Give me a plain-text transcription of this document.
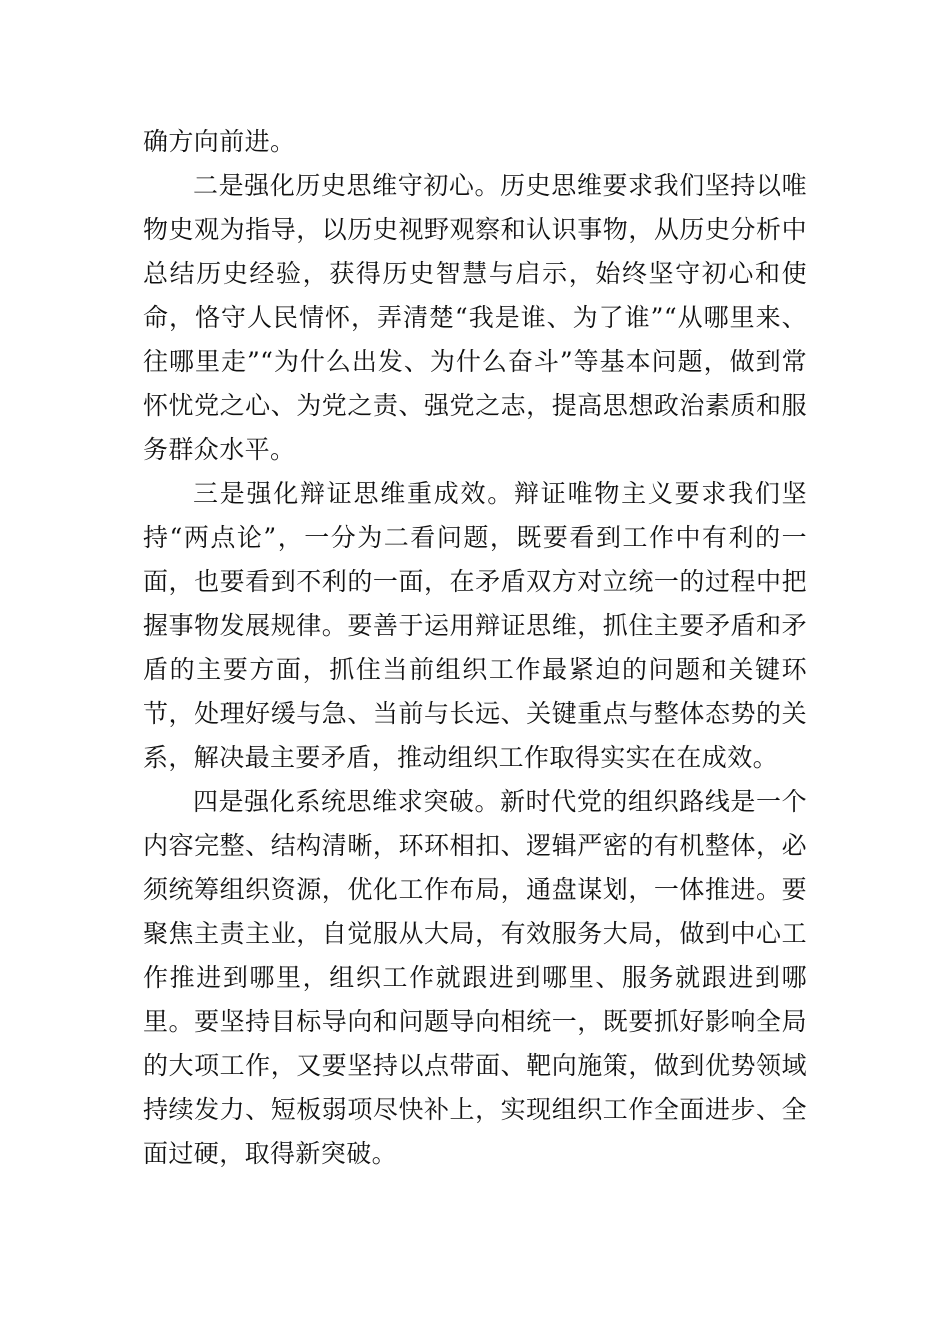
确方向前进。

二是强化历史思维守初心。历史思维要求我们坚持以唯物史观为指导，以历史视野观察和认识事物，从历史分析中总结历史经验，获得历史智慧与启示，始终坚守初心和使命，恪守人民情怀，弄清楚“我是谁、为了谁”“从哪里来、往哪里走”“为什么出发、为什么奋斗”等基本问题，做到常怀忧党之心、为党之责、强党之志，提高思想政治素质和服务群众水平。

三是强化辩证思维重成效。辩证唯物主义要求我们坚持“两点论”，一分为二看问题，既要看到工作中有利的一面，也要看到不利的一面，在矛盾双方对立统一的过程中把握事物发展规律。要善于运用辩证思维，抓住主要矛盾和矛盾的主要方面，抓住当前组织工作最紧迫的问题和关键环节，处理好缓与急、当前与长远、关键重点与整体态势的关系，解决最主要矛盾，推动组织工作取得实实在在成效。

四是强化系统思维求突破。新时代党的组织路线是一个内容完整、结构清晰，环环相扣、逻辑严密的有机整体，必须统筹组织资源，优化工作布局，通盘谋划，一体推进。要聚焦主责主业，自觉服从大局，有效服务大局，做到中心工作推进到哪里，组织工作就跟进到哪里、服务就跟进到哪里。要坚持目标导向和问题导向相统一，既要抓好影响全局的大项工作，又要坚持以点带面、靶向施策，做到优势领域持续发力、短板弱项尽快补上，实现组织工作全面进步、全面过硬，取得新突破。
